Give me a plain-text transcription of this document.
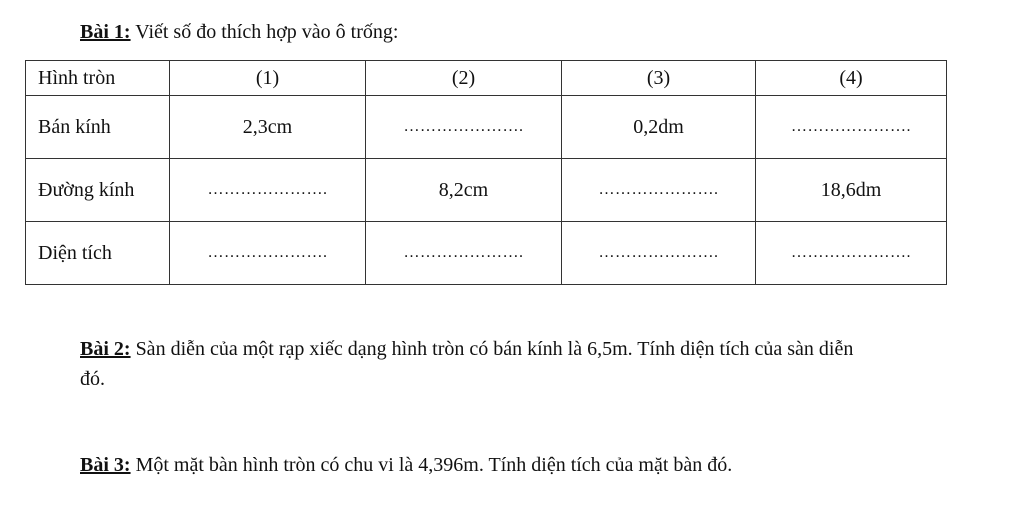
Bài 1: Viết số đo thích hợp vào ô trống:
Hình tròn	(1)	(2)	(3)	(4)
Bán kính	2,3cm	………………….	0,2dm	………………….
Đường kính	………………….	8,2cm	………………….	18,6dm
Diện tích	………………….	………………….	………………….	………………….
Bài 2: Sàn diễn của một rạp xiếc dạng hình tròn có bán kính là 6,5m. Tính diện tích của sàn diễn đó.
Bài 3: Một mặt bàn hình tròn có chu vi là 4,396m. Tính diện tích của mặt bàn đó.
